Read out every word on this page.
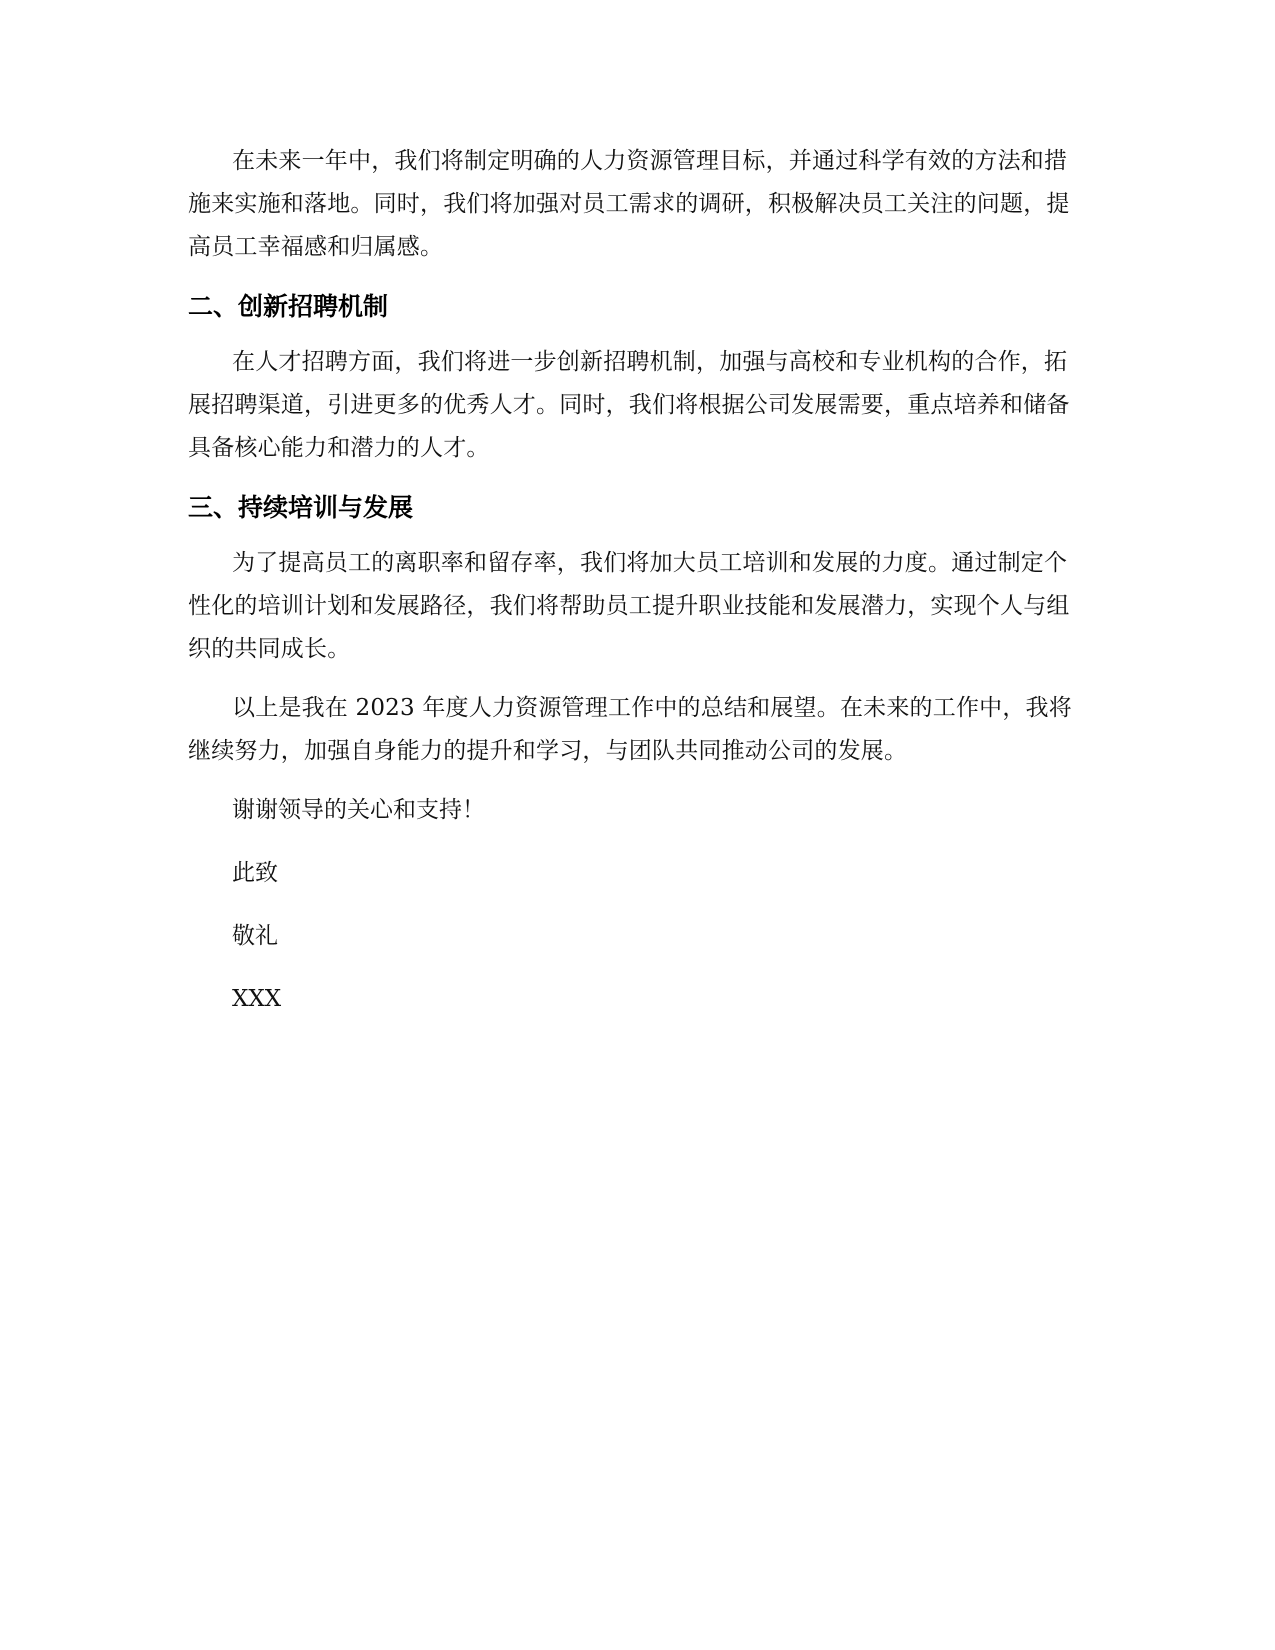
在未来一年中，我们将制定明确的人力资源管理目标，并通过科学有效的方法和措施来实施和落地。同时，我们将加强对员工需求的调研，积极解决员工关注的问题，提高员工幸福感和归属感。

二、创新招聘机制

在人才招聘方面，我们将进一步创新招聘机制，加强与高校和专业机构的合作，拓展招聘渠道，引进更多的优秀人才。同时，我们将根据公司发展需要，重点培养和储备具备核心能力和潜力的人才。

三、持续培训与发展

为了提高员工的离职率和留存率，我们将加大员工培训和发展的力度。通过制定个性化的培训计划和发展路径，我们将帮助员工提升职业技能和发展潜力，实现个人与组织的共同成长。

以上是我在 2023 年度人力资源管理工作中的总结和展望。在未来的工作中，我将继续努力，加强自身能力的提升和学习，与团队共同推动公司的发展。

谢谢领导的关心和支持！

此致

敬礼

XXX
